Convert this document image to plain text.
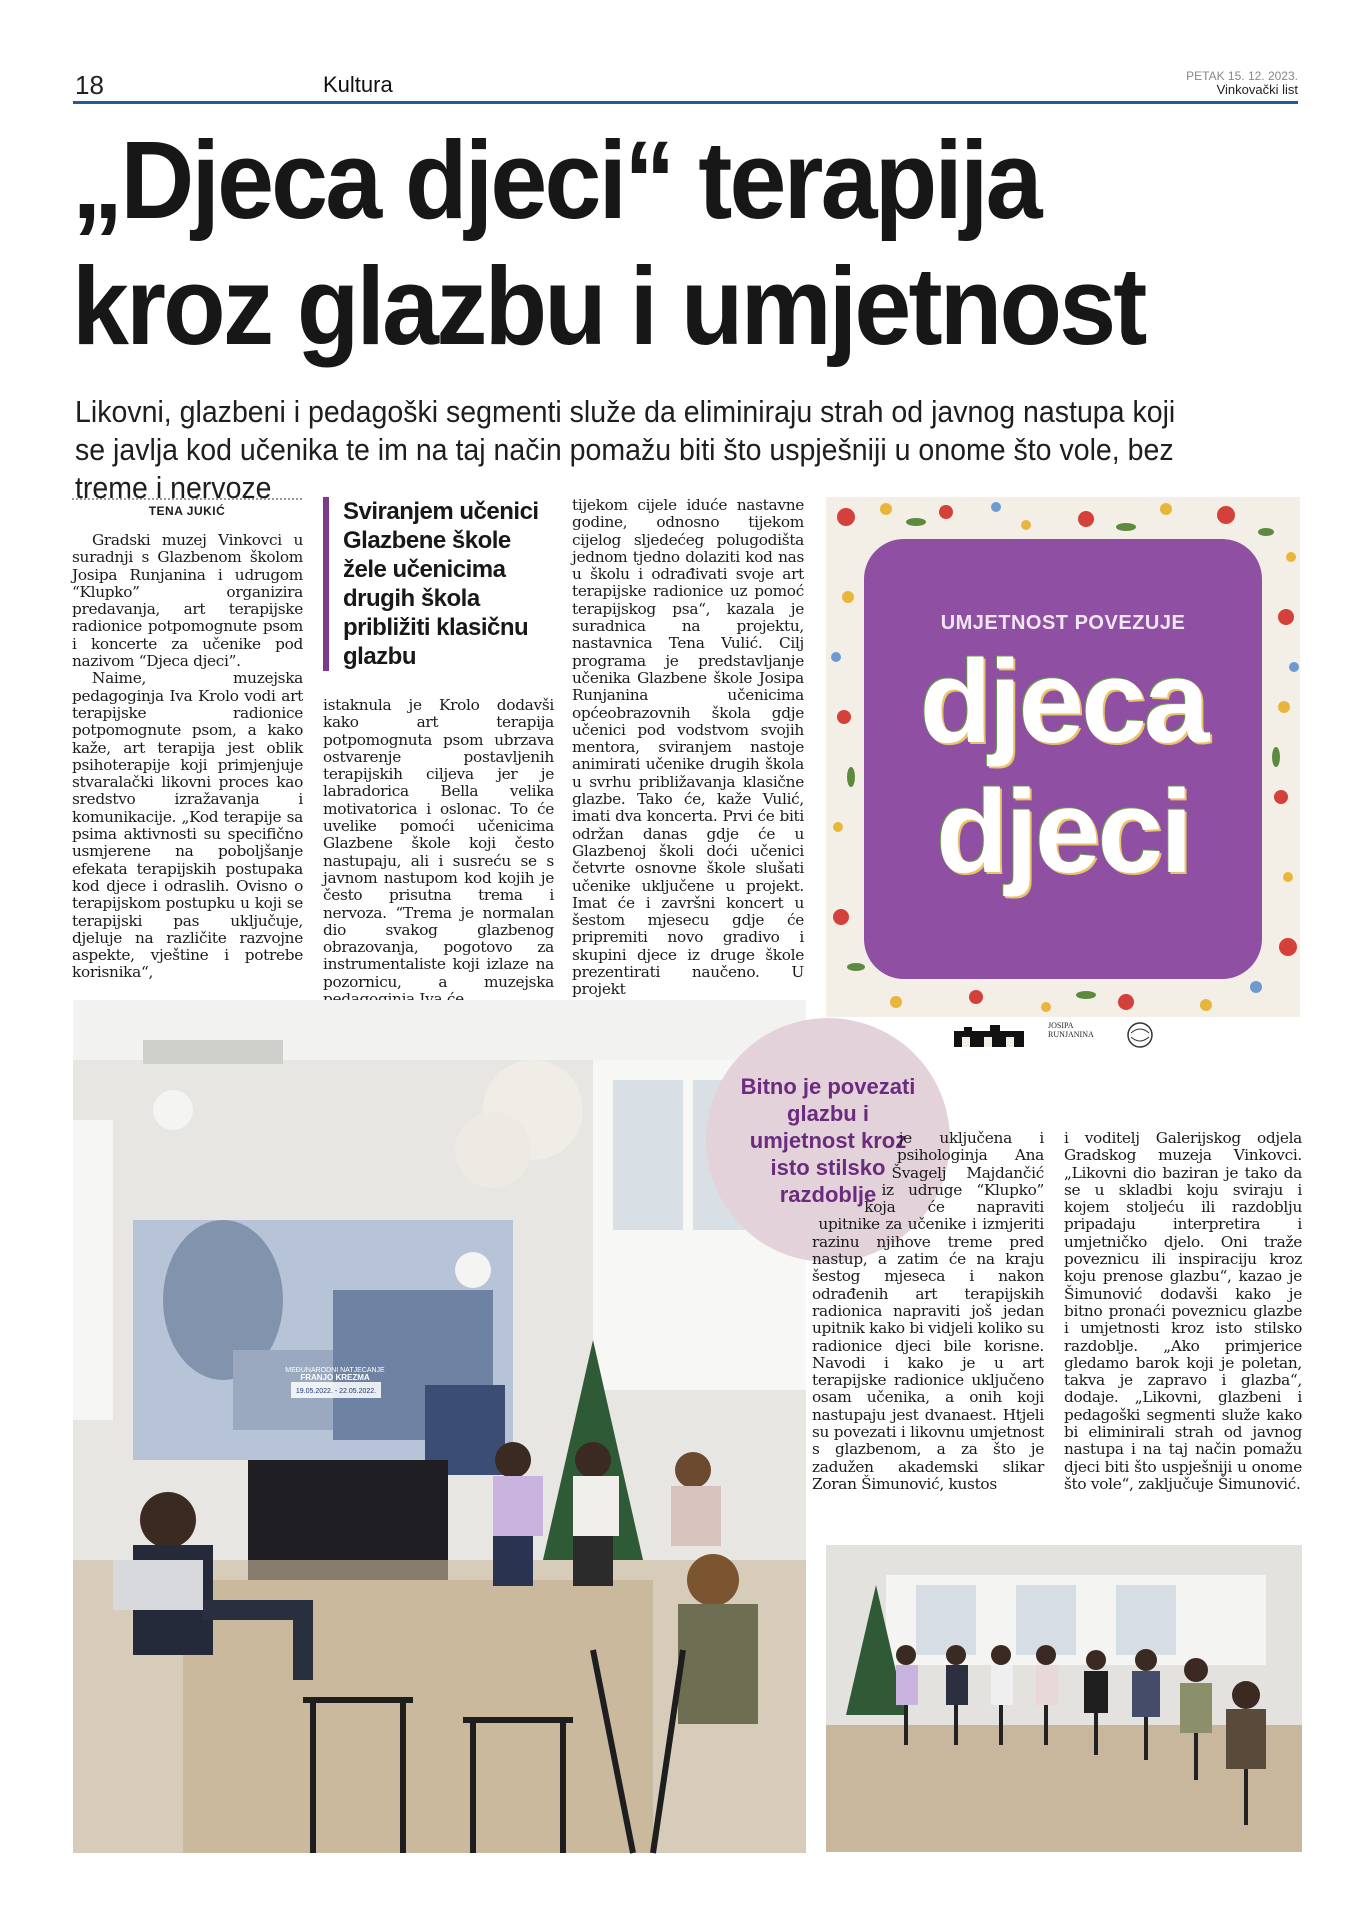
18	Kultura	PETAK 15. 12. 2023.
Vinkovački list
„Djeca djeci“ terapija
kroz glazbu i umjetnost
Likovni, glazbeni i pedagoški segmenti služe da eliminiraju strah od javnog nastupa koji se javlja kod učenika te im na taj način pomažu biti što uspješniji u onome što vole, bez treme i nervoze
TENA JUKIĆ

Gradski muzej Vinkovci u suradnji s Glazbenom školom Josipa Runjanina i udrugom “Klupko” organizira predavanja, art terapijske radionice potpomognute psom i koncerte za učenike pod nazivom “Djeca djeci”.

Naime, muzejska pedagoginja Iva Krolo vodi art terapijske radionice potpomognute psom, a kako kaže, art terapija jest oblik psihoterapije koji primjenjuje stvaralački likovni proces kao sredstvo izražavanja i komunikacije. „Kod terapije sa psima aktivnosti su specifično usmjerene na poboljšanje efekata terapijskih postupaka kod djece i odraslih. Ovisno o terapijskom postupku u koji se terapijski pas uključuje, djeluje na različite razvojne aspekte, vještine i potrebe korisnika“,

Sviranjem učenici Glazbene škole žele učenicima drugih škola približiti klasičnu glazbu

istaknula je Krolo dodavši kako art terapija potpomognuta psom ubrzava ostvarenje postavljenih terapijskih ciljeva jer je labradorica Bella velika motivatorica i oslonac. To će uvelike pomoći učenicima Glazbene škole koji često nastupaju, ali i susreću se s javnom nastupom kod kojih je često prisutna trema i nervoza. “Trema je normalan dio svakog glazbenog obrazovanja, pogotovo za instrumentaliste koji izlaze na pozornicu, a muzejska

tijekom cijele iduće nastavne godine, odnosno tijekom cijelog sljedećeg polugodišta jednom tjedno dolaziti kod nas u školu i odrađivati svoje art terapijske radionice uz pomoć terapijskog psa“, kazala je suradnica na projektu, nastavnica Tena Vulić. Cilj programa je predstavljanje učenika Glazbene škole Josipa Runjanina učenicima općeobrazovnih škola gdje učenici pod vodstvom svojih mentora, sviranjem nastoje animirati učenike drugih škola u svrhu približavanja klasične glazbe. Tako će, kaže Vulić, imati dva koncerta. Prvi će biti održan danas gdje će u Glazbenoj školi doći učenici četvrte osnovne škole slušati učenike uključene u projekt. Imat će i završni koncert u šestom mjesecu gdje će pripremiti novo gradivo i skupini djece iz druge škole prezentirati naučeno. U projekt

UMJETNOST POVEZUJE
djeca
djeci
JOSIPA RUNJANINA
MEĐUNARODNI NATJECANJE
FRANJO KREZMA
19.05.2022. - 22.05.2022.
Bitno je povezati glazbu i umjetnost kroz isto stilsko razdoblje

je uključena i psihologinja Ana Švagelj Majdančić iz udruge “Klupko” koja će napraviti upitnike za učenike i izmjeriti razinu njihove treme pred nastup, a zatim će na kraju šestog mjeseca i nakon odrađenih art terapijskih radionica napraviti još jedan upitnik kako bi vidjeli koliko su radionice djeci bile korisne. Navodi i kako je u art terapijske radionice uključeno osam učenika, a onih koji nastupaju jest dvanaest. Htjeli su povezati i likovnu umjetnost s glazbenom, a za što je zadužen akademski slikar Zoran Šimunović, kustos

i voditelj Galerijskog odjela Gradskog muzeja Vinkovci. „Likovni dio baziran je tako da se u skladbi koju sviraju i kojem stoljeću ili razdoblju pripadaju interpretira i umjetničko djelo. Oni traže poveznicu ili inspiraciju kroz koju prenose glazbu“, kazao je Šimunović dodavši kako je bitno pronaći poveznicu glazbe i umjetnosti kroz isto stilsko razdoblje. „Ako primjerice gledamo barok koji je poletan, takva je zapravo i glazba“, dodaje. „Likovni, glazbeni i pedagoški segmenti služe kako bi eliminirali strah od javnog nastupa i na taj način pomažu djeci biti što uspješniji u onome što vole“, zaključuje Šimunović.
